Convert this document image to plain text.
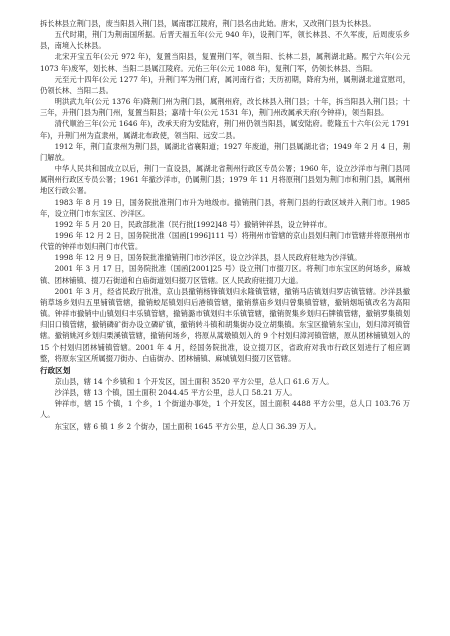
拆长林县立荆门县，废当阳县入荆门县，属南郡江陵府，荆门县名由此始。唐末，又改荆门县为长林县。

五代时期，荆门为荆南国所据。后晋天福五年(公元 940 年)，设荆门军，领长林县、不久军废，后周废乐乡县，南境入长林县。

北宋开宝五年(公元 972 年)，复置当阳县，复置荆门军，领当阳、长林二县，属荆湖北路。熙宁六年(公元 1073 年)废军，划长林、当阳二县属江陵府。元佑三年(公元 1088 年)，复荆门军，仍领长林县、当阳。

元至元十四年(公元 1277 年)，升荆门军为荆门府，属河南行省；天历初期，降府为州，属荆湖北道宣慰司，仍领长林、当阳二县。

明洪武九年(公元 1376 年)降荆门州为荆门县，属荆州府，改长林县入荆门县；十年，拆当阳县入荆门县；十三年，升荆门县为荆门州，复置当阳县；嘉靖十年(公元 1531 年)，荆门州改属承天府(今钟祥)，领当阳县。

清代顺治三年(公元 1646 年)，改承天府为安陆府，荆门州仍领当阳县，属安陆府。乾隆五十六年(公元 1791 年)，升荆门州为直隶州，属湖北布政使，领当阳、远安二县。

1912 年，荆门直隶州为荆门县，属湖北省襄阳道；1927 年废道，荆门县属湖北省；1949 年 2 月 4 日，荆门解放。

中华人民共和国成立以后，荆门一直设县，属湖北省荆州行政区专员公署；1960 年，设立沙洋市与荆门县同属荆州行政区专员公署；1961 年撤沙洋市，仍属荆门县；1979 年 11 月将原荆门县划为荆门市和荆门县，属荆州地区行政公署。

1983 年 8 月 19 日，国务院批准荆门市升为地级市。撤销荆门县，将荆门县的行政区域并入荆门市。1985 年，设立荆门市东宝区、沙洋区。

1992 年 5 月 20 日，民政部批准（民行批[1992]48 号）撤销钟祥县，设立钟祥市。

1996 年 12 月 2 日，国务院批准（国函[1996]111 号）将荆州市管辖的京山县划归荆门市管辖并将原荆州市代管的钟祥市划归荆门市代管。

1998 年 12 月 9 日，国务院批准撤销荆门市沙洋区，设立沙洋县，县人民政府驻地为沙洋镇。

2001 年 3 月 17 日，国务院批准（国函[2001]25 号）设立荆门市掇刀区。将荆门市东宝区的何场乡，麻城镇、团林铺镇、掇刀石街道和白庙街道划归掇刀区管辖。区人民政府驻掇刀大道。

2001 年 3 月，经省民政厅批准，京山县撤销杨锋镇划归永隆镇管辖，撤销马店镇划归罗店镇管辖。沙洋县撤销草场乡划归五里铺镇管辖，撤销蛟尾镇划归后港镇管辖，撤销蔡庙乡划归曾集镇管辖，撤销烟垢镇改名为高阳镇。钟祥市撤销中山镇划归丰乐镇管辖，撤销潞市镇划归丰乐镇管辖，撤销贺集乡划归石牌镇管辖，撤销罗集镇划归旧口镇管辖，撤销磷矿街办设立磷矿镇，撤销转斗镇和胡集街办设立胡集镇。东宝区撤销东宝山，划归漳河镇管辖。撤销姚河乡划归栗溪镇管辖，撤销何场乡，将原从蒿墩镇划入的 9 个村划归漳河镇管辖，原从团林铺镇划入的 15 个村划归团林铺镇管辖。2001 年 4 月，经国务院批准，设立掇刀区，省政府对我市行政区划进行了相应调整，将原东宝区所属掇刀街办、白庙街办、团林铺镇、麻城镇划归掇刀区管辖。

行政区划

京山县，辖 14 个乡镇和 1 个开发区，国土面积 3520 平方公里，总人口 61.6 万人。

沙洋县，辖 13 个镇，国土面积 2044.45 平方公里，总人口 58.21 万人。

钟祥市，辖 15 个镇，1 个乡，1 个街道办事处，1 个开发区，国土面积 4488 平方公里，总人口 103.76 万人。

东宝区，辖 6 镇 1 乡 2 个街办，国土面积 1645 平方公里，总人口 36.39 万人。
